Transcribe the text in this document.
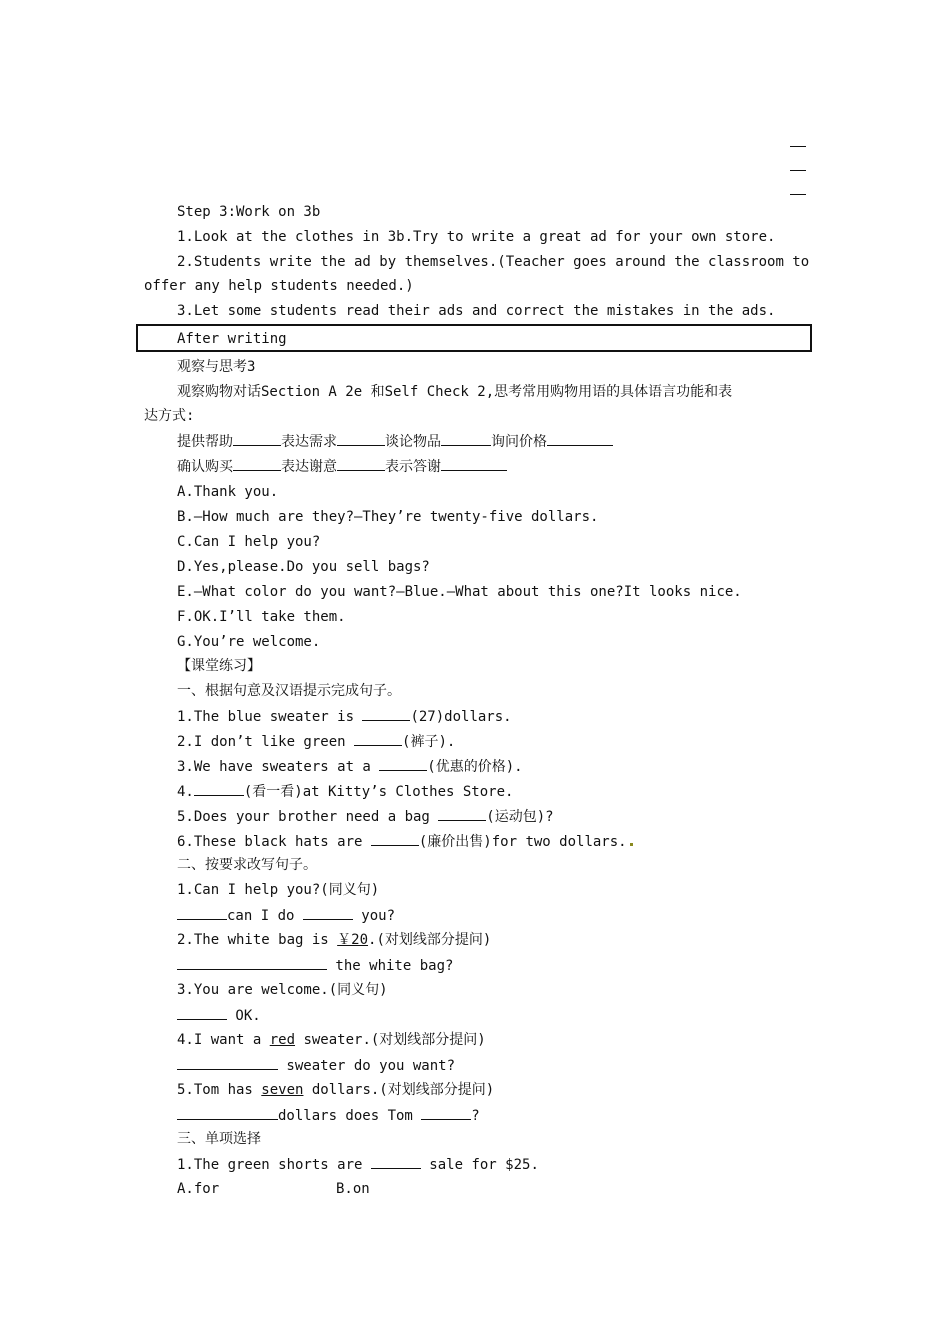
Step 3:Work on 3b
1.Look at the clothes in 3b.Try to write a great ad for your own store.
2.Students write the ad by themselves.(Teacher goes around the classroom to
offer any help students needed.)
3.Let some students read their ads and correct the mistakes in the ads.
After writing
观察与思考3
观察购物对话Section A 2e 和Self Check 2,思考常用购物用语的具体语言功能和表
达方式:
提供帮助	表达需求	谈论物品	询问价格
确认购买	表达谢意	表示答谢
A.Thank you.
B.—How much are they?—They’re twenty-five dollars.
C.Can I help you?
D.Yes,please.Do you sell bags?
E.—What color do you want?—Blue.—What about this one?It looks nice.
F.OK.I’ll take them.
G.You’re welcome.
【课堂练习】
一、根据句意及汉语提示完成句子。
1.The blue sweater is	(27)dollars.
2.I don’t like green	(裤子).
3.We have sweaters at a	(优惠的价格).
4.	(看一看)at Kitty’s Clothes Store.
5.Does your brother need a bag	(运动包)?
6.These black hats are	(廉价出售)for two dollars.
二、按要求改写句子。
1.Can I help you?(同义句)
can I do	you?
2.The white bag is ￥20.(对划线部分提问)
the white bag?
3.You are welcome.(同义句)
OK.
4.I want a red sweater.(对划线部分提问)
sweater do you want?
5.Tom has seven dollars.(对划线部分提问)
dollars does Tom	?
三、单项选择
1.The green shorts are	sale for $25.
A.for	B.on
